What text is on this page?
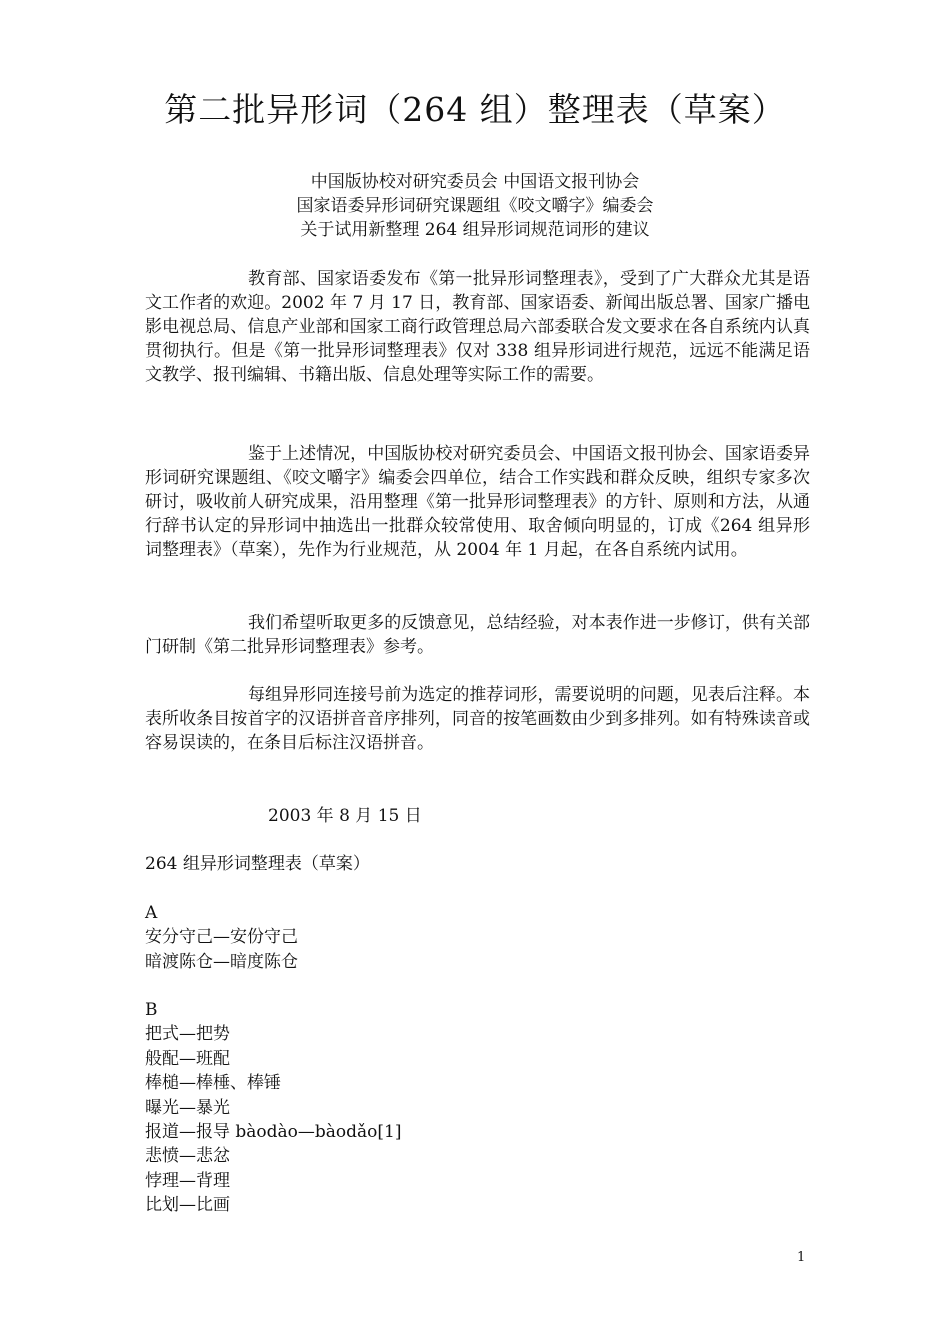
第二批异形词（264 组）整理表（草案）
中国版协校对研究委员会 中国语文报刊协会
国家语委异形词研究课题组《咬文嚼字》编委会
关于试用新整理 264 组异形词规范词形的建议

教育部、国家语委发布《第一批异形词整理表》，受到了广大群众尤其是语文工作者的欢迎。2002 年 7 月 17 日，教育部、国家语委、新闻出版总署、国家广播电影电视总局、信息产业部和国家工商行政管理总局六部委联合发文要求在各自系统内认真贯彻执行。但是《第一批异形词整理表》仅对 338 组异形词进行规范，远远不能满足语文教学、报刊编辑、书籍出版、信息处理等实际工作的需要。

鉴于上述情况，中国版协校对研究委员会、中国语文报刊协会、国家语委异形词研究课题组、《咬文嚼字》编委会四单位，结合工作实践和群众反映，组织专家多次研讨，吸收前人研究成果，沿用整理《第一批异形词整理表》的方针、原则和方法，从通行辞书认定的异形词中抽选出一批群众较常使用、取舍倾向明显的，订成《264 组异形词整理表》（草案），先作为行业规范，从 2004 年 1 月起，在各自系统内试用。

我们希望听取更多的反馈意见，总结经验，对本表作进一步修订，供有关部门研制《第二批异形词整理表》参考。

每组异形同连接号前为选定的推荐词形，需要说明的问题，见表后注释。本表所收条目按首字的汉语拼音音序排列，同音的按笔画数由少到多排列。如有特殊读音或容易误读的，在条目后标注汉语拼音。

2003 年 8 月 15 日
264 组异形词整理表（草案）
A
安分守己—安份守己
暗渡陈仓—暗度陈仓
B
把式—把势
般配—班配
棒槌—棒棰、棒锤
曝光—暴光
报道—报导 bàodào—bàodǎo[1]
悲愤—悲忿
悖理—背理
比划—比画
1
